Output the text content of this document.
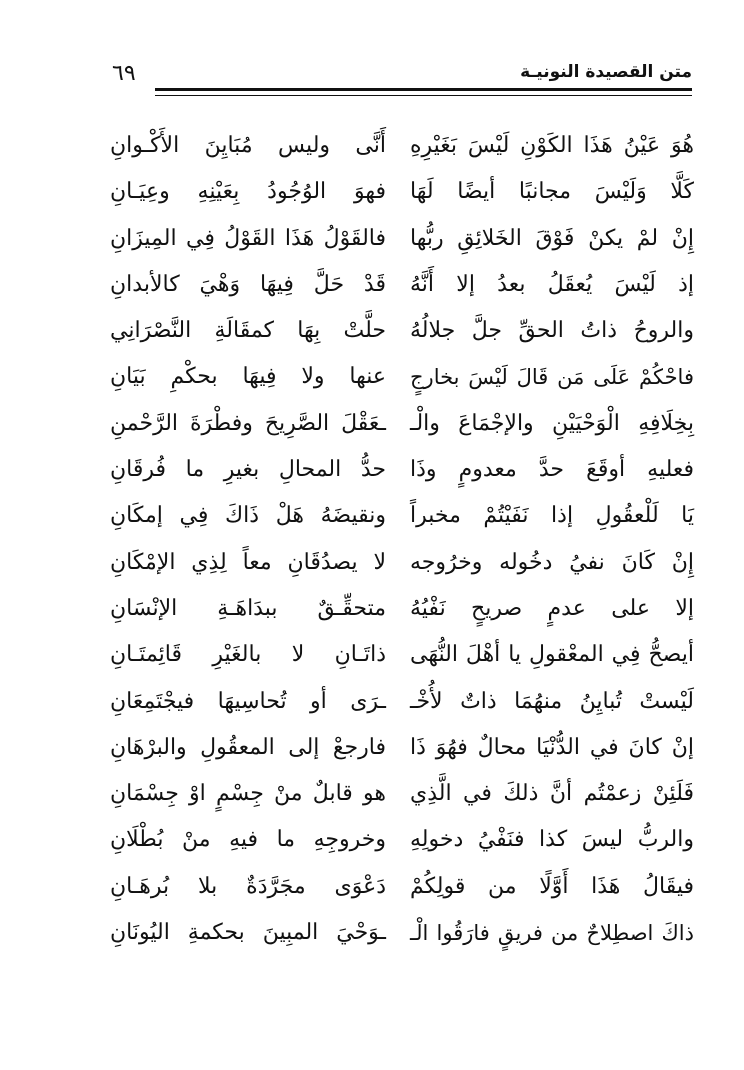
متن القصيدة النونيـة
٦٩
هُوَ عَيْنُ هَذَا الكَوْنِ لَيْسَ بَغَيْرِهِ
أَنَّى وليس مُبَايِنَ الأَكْـوانِ
كَلَّا وَلَيْسَ مجانبًا أيضًا لَهَا
فهوَ الوُجُودُ بِعَيْنِهِ وعِيَـانِ
إِنْ لمْ يكنْ فَوْقَ الخَلائِقِ ربُّها
فالقَوْلُ هَذَا القَوْلُ فِي المِيزَانِ
إذ لَيْسَ يُعقَلُ بعدُ إلا أَنَّهُ
قَدْ حَلَّ فِيهَا وَهْيَ كالأبدانِ
والروحُ ذاتُ الحقِّ جلَّ جلالُهُ
حلَّتْ بِهَا كمقَالَةِ النَّصْرَانِي
فاحْكُمْ عَلَى مَن قَالَ لَيْسَ بخارجٍ
عنها ولا فِيهَا بحكْمِ بَيَانِ
بِخِلَافِهِ الْوَحْيَيْنِ والإجْمَاعَ والْـ
ـعَقْلَ الصَّرِيحَ وفطْرَةَ الرَّحْمنِ
فعليهِ أوقَعَ حدَّ معدومٍ وذَا
حدُّ المحالِ بغيرِ ما فُرقَانِ
يَا لَلْعقُولِ إذا نَفَيْتُمْ مخبراً
ونقيضَهُ هَلْ ذَاكَ فِي إمكَانِ
إِنْ كَانَ نفيُ دخُوله وخرُوجه
لا يصدُقَانِ معاً لِذِي الإمْكَانِ
إلا على عدمٍ صريحٍ نَفْيُهُ
متحقِّـقٌ ببدَاهَـةِ الإنْسَانِ
أيصحُّ فِي المعْقولِ يا أهْلَ النُّهَى
ذاتَـانِ لا بالغَيْرِ قَائِمتَـانِ
لَيْستْ تُبايِنُ منهُمَا ذاتٌ لأُخْـ
ـرَى أو تُحاسِيهَا فيجْتَمِعَانِ
إنْ كانَ في الدُّنْيَا محالٌ فهُوَ ذَا
فارجعْ إلى المعقُولِ والبرْهَانِ
فَلَئِنْ زعمْتُم أنَّ ذلكَ في الَّذِي
هو قابلٌ منْ جِسْمٍ اوْ جِسْمَانِ
والربُّ ليسَ كذا فنَفْيُ دخولِهِ
وخروجِهِ ما فيهِ منْ بُطْلَانِ
فيقَالُ هَذَا أَوَّلًا من قولِكُمْ
دَعْوَى مجَرَّدَةٌ بلا بُرهَـانِ
ذاكَ اصطِلاحٌ من فريقٍ فارَقُوا الْـ
ـوَحْيَ المبِينَ بحكمةِ اليُونَانِ
